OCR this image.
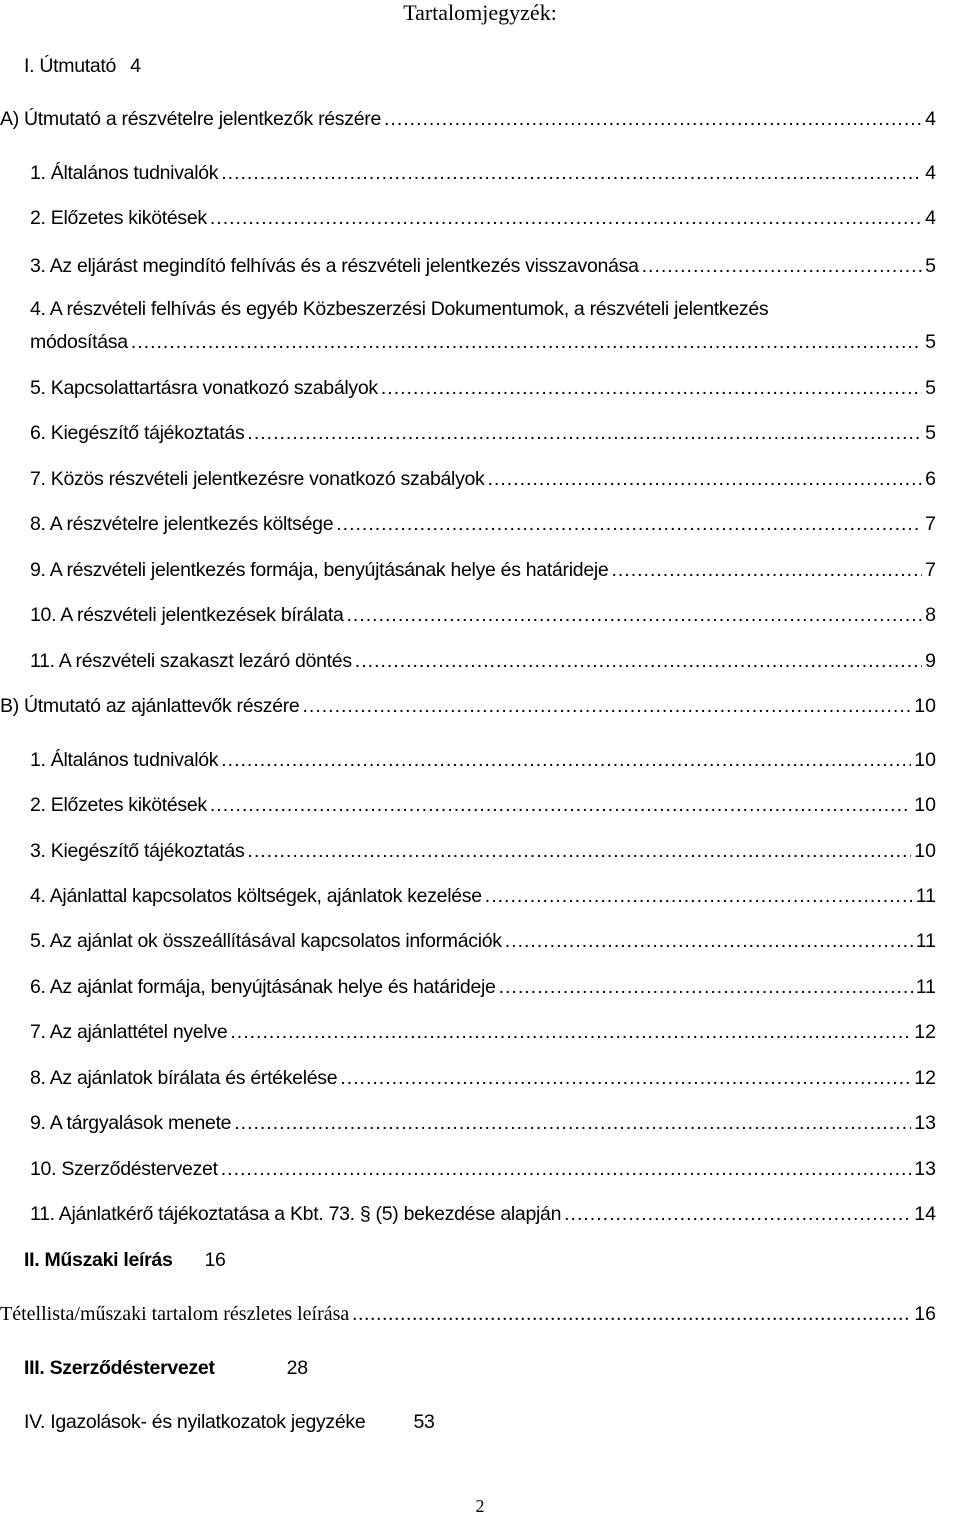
Tartalomjegyzék:
I. Útmutató 4
A) Útmutató a részvételre jelentkezők részére .....	4
1. Általános tudnivalók .....	4
2. Előzetes kikötések .....	4
3. Az eljárást megindító felhívás és a részvételi jelentkezés visszavonása .....	5
4. A részvételi felhívás és egyéb Közbeszerzési Dokumentumok, a részvételi jelentkezés
módosítása .....	5
5. Kapcsolattartásra vonatkozó szabályok .....	5
6. Kiegészítő tájékoztatás .....	5
7. Közös részvételi jelentkezésre vonatkozó szabályok .....	6
8. A részvételre jelentkezés költsége .....	7
9. A részvételi jelentkezés formája, benyújtásának helye és határideje .....	7
10. A részvételi jelentkezések bírálata .....	8
11. A részvételi szakaszt lezáró döntés .....	9
B) Útmutató az ajánlattevők részére .....	10
1. Általános tudnivalók .....	10
2. Előzetes kikötések .....	10
3. Kiegészítő tájékoztatás .....	10
4. Ajánlattal kapcsolatos költségek, ajánlatok kezelése .....	11
5. Az ajánlat ok összeállításával kapcsolatos információk .....	11
6. Az ajánlat formája, benyújtásának helye és határideje .....	11
7. Az ajánlattétel nyelve .....	12
8. Az ajánlatok bírálata és értékelése .....	12
9. A tárgyalások menete .....	13
10. Szerződéstervezet .....	13
11. Ajánlatkérő tájékoztatása a Kbt. 73. § (5) bekezdése alapján .....	14
II. Műszaki leírás 16
Tétellista/műszaki tartalom részletes leírása .....	16
III. Szerződéstervezet	28
IV. Igazolások- és nyilatkozatok jegyzéke 53
2
